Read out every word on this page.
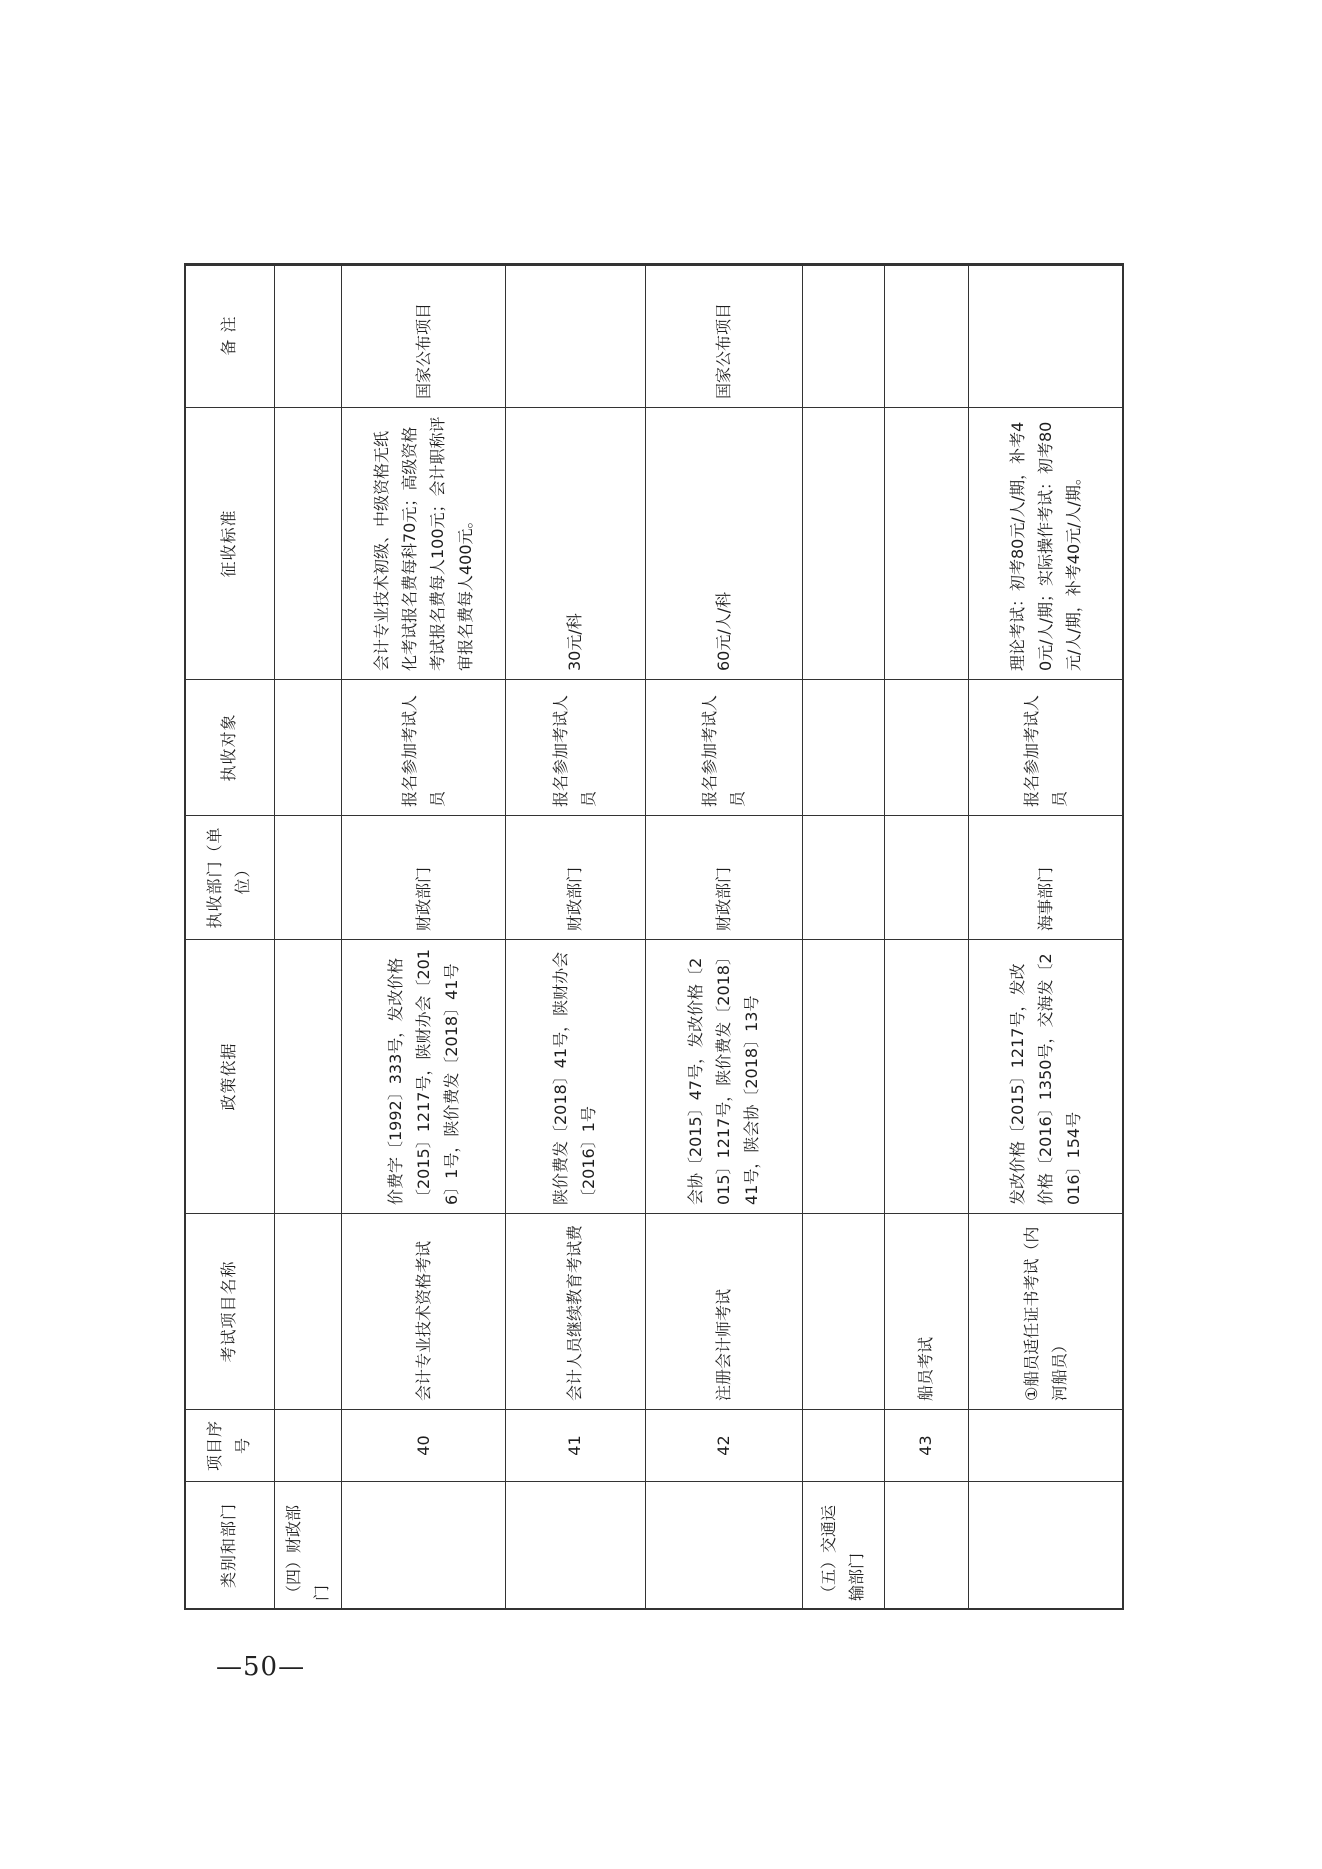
类别和部门	项目序号	考试项目名称	政策依据	执收部门（单位）	执收对象	征收标准	备 注
（四）财政部门							
	40	会计专业技术资格考试	价费字〔1992〕333号，发改价格〔2015〕1217号，陕财办会〔2016〕1号，陕价费发〔2018〕41号	财政部门	报名参加考试人员	会计专业技术初级、中级资格无纸化考试报名费每科70元；高级资格考试报名费每人100元；会计职称评审报名费每人400元。	国家公布项目
	41	会计人员继续教育考试费	陕价费发〔2018〕41号，陕财办会〔2016〕1号	财政部门	报名参加考试人员	30元/科	
	42	注册会计师考试	会协〔2015〕47号，发改价格〔2015〕1217号，陕价费发〔2018〕41号，陕会协〔2018〕13号	财政部门	报名参加考试人员	60元/人/科	国家公布项目
（五）交通运输部门							
	43	船员考试					
		①船员适任证书考试（内河船员）	发改价格〔2015〕1217号，发改价格〔2016〕1350号，交海发〔2016〕154号	海事部门	报名参加考试人员	理论考试：初考80元/人/期，补考40元/人/期；实际操作考试：初考80元/人/期，补考40元/人/期。	
—50—
